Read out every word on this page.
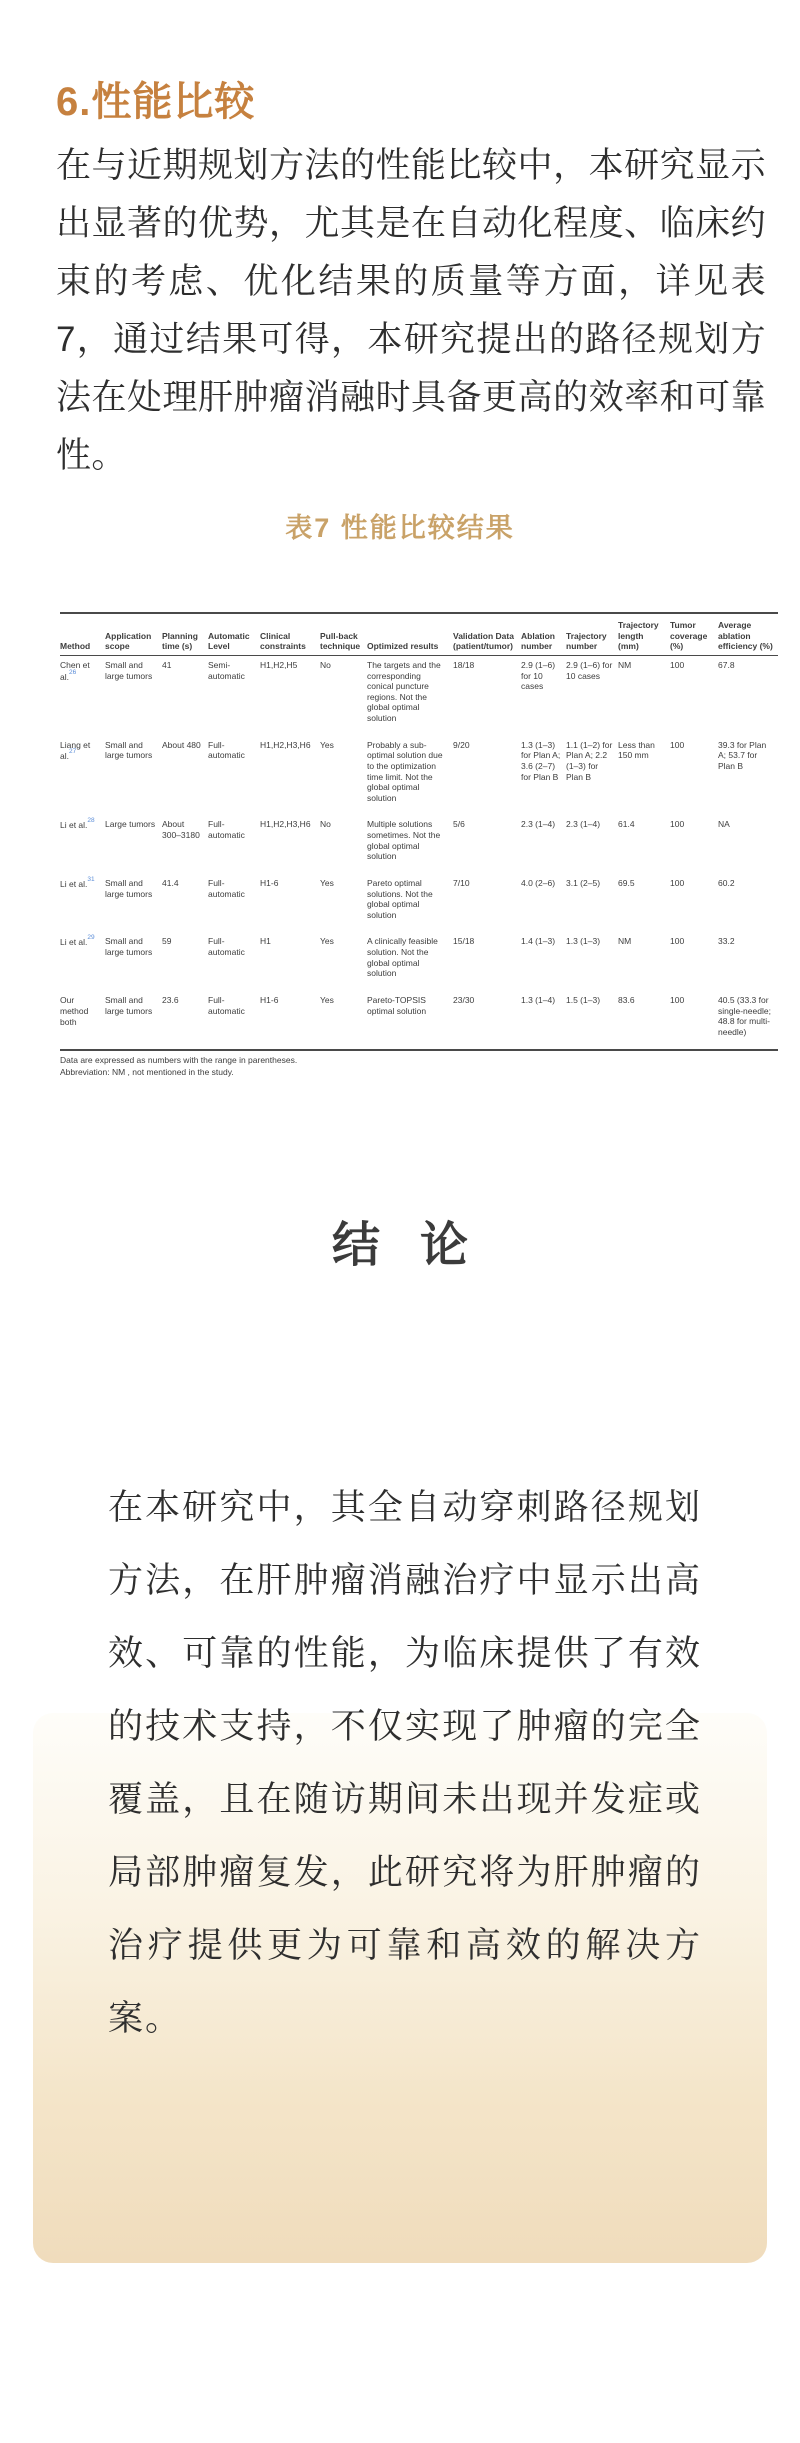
6.性能比较

在与近期规划方法的性能比较中，本研究显示出显著的优势，尤其是在自动化程度、临床约束的考虑、优化结果的质量等方面，详见表7，通过结果可得，本研究提出的路径规划方法在处理肝肿瘤消融时具备更高的效率和可靠性。

表7 性能比较结果
Method	Application scope	Planning time (s)	Automatic Level	Clinical constraints	Pull-back technique	Optimized results	Validation Data (patient/tumor)	Ablation number	Trajectory number	Trajectory length (mm)	Tumor coverage (%)	Average ablation efficiency (%)
Chen et al.$^{26}$	Small and large tumors	41	Semi-automatic	H1,H2,H5	No	The targets and the corresponding conical puncture regions. Not the global optimal solution	18/18	2.9 (1–6) for 10 cases	2.9 (1–6) for 10 cases	NM	100	67.8
Liang et al.$^{27}$	Small and large tumors	About 480	Full-automatic	H1,H2,H3,H6	Yes	Probably a sub-optimal solution due to the optimization time limit. Not the global optimal solution	9/20	1.3 (1–3) for Plan A; 3.6 (2–7) for Plan B	1.1 (1–2) for Plan A; 2.2 (1–3) for Plan B	Less than 150 mm	100	39.3 for Plan A; 53.7 for Plan B
Li et al.$^{28}$	Large tumors	About 300–3180	Full-automatic	H1,H2,H3,H6	No	Multiple solutions sometimes. Not the global optimal solution	5/6	2.3 (1–4)	2.3 (1–4)	61.4	100	NA
Li et al.$^{31}$	Small and large tumors	41.4	Full-automatic	H1-6	Yes	Pareto optimal solutions. Not the global optimal solution	7/10	4.0 (2–6)	3.1 (2–5)	69.5	100	60.2
Li et al.$^{29}$	Small and large tumors	59	Full-automatic	H1	Yes	A clinically feasible solution. Not the global optimal solution	15/18	1.4 (1–3)	1.3 (1–3)	NM	100	33.2
Our method both	Small and large tumors	23.6	Full-automatic	H1-6	Yes	Pareto-TOPSIS optimal solution	23/30	1.3 (1–4)	1.5 (1–3)	83.6	100	40.5 (33.3 for single-needle; 48.8 for multi-needle)
Data are expressed as numbers with the range in parentheses.
Abbreviation: NM , not mentioned in the study.
结 论

在本研究中，其全自动穿刺路径规划方法，在肝肿瘤消融治疗中显示出高效、可靠的性能，为临床提供了有效的技术支持，不仅实现了肿瘤的完全覆盖，且在随访期间未出现并发症或局部肿瘤复发，此研究将为肝肿瘤的治疗提供更为可靠和高效的解决方案。
